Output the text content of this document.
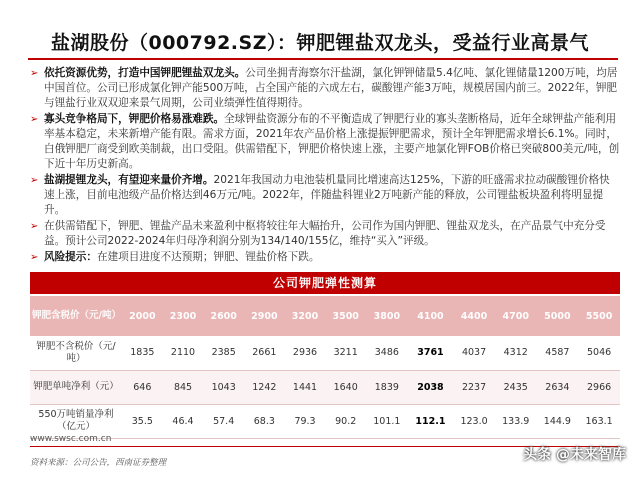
盐湖股份（000792.SZ）：钾肥锂盐双龙头，受益行业高景气
➢ 依托资源优势，打造中国钾肥锂盐双龙头。公司坐拥青海察尔汗盐湖，氯化钾钾储量5.4亿吨、氯化锂储量1200万吨，均居中国首位。公司已形成氯化钾产能500万吨，占全国产能的六成左右，碳酸锂产能3万吨，规模居国内前三。2022年，钾肥与锂盐行业双双迎来景气周期，公司业绩弹性值得期待。
➢ 寡头竞争格局下，钾肥价格易涨难跌。全球钾盐资源分布的不平衡造成了钾肥行业的寡头垄断格局，近年全球钾盐产能利用率基本稳定，未来新增产能有限。需求方面，2021年农产品价格上涨提振钾肥需求，预计全年钾肥需求增长6.1%。同时，白俄钾肥厂商受到欧美制裁，出口受阻。供需错配下，钾肥价格快速上涨，主要产地氯化钾FOB价格已突破800美元/吨，创下近十年历史新高。
➢ 盐湖提锂龙头，有望迎来量价齐增。2021年我国动力电池装机量同比增速高达125%，下游的旺盛需求拉动碳酸锂价格快速上涨，目前电池级产品价格达到46万元/吨。2022年，伴随盐科锂业2万吨新产能的释放，公司锂盐板块盈利将明显提升。
➢ 在供需错配下，钾肥、锂盐产品未来盈利中枢将较往年大幅抬升，公司作为国内钾肥、锂盐双龙头，在产品景气中充分受益。预计公司2022-2024年归母净利润分别为134/140/155亿，维持“买入”评级。
➢ 风险提示：在建项目进度不达预期；钾肥、锂盐价格下跌。
公司钾肥弹性测算
钾肥含税价（元/吨）	2000	2300	2600	2900	3200	3500	3800	4100	4400	4700	5000	5500
钾肥不含税价（元/吨）	1835	2110	2385	2661	2936	3211	3486	3761	4037	4312	4587	5046
钾肥单吨净利（元）	646	845	1043	1242	1441	1640	1839	2038	2237	2435	2634	2966
550万吨销量净利（亿元）	35.5	46.4	57.4	68.3	79.3	90.2	101.1	112.1	123.0	133.9	144.9	163.1
www.swsc.com.cn
资料来源：公司公告，西南证券整理	头条 @未来智库
